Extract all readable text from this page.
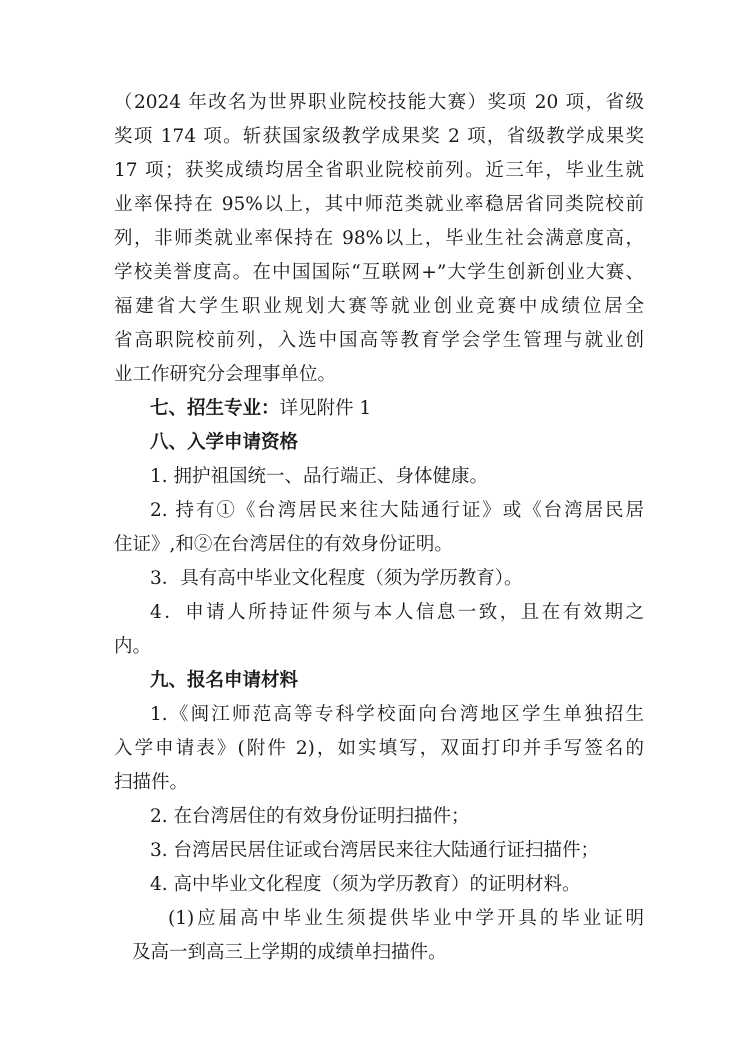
（2024 年改名为世界职业院校技能大赛）奖项 20 项，省级
奖项 174 项。斩获国家级教学成果奖 2 项，省级教学成果奖
17 项；获奖成绩均居全省职业院校前列。近三年，毕业生就
业率保持在 95%以上，其中师范类就业率稳居省同类院校前
列，非师类就业率保持在 98%以上，毕业生社会满意度高，
学校美誉度高。在中国国际“互联网+”大学生创新创业大赛、
福建省大学生职业规划大赛等就业创业竞赛中成绩位居全
省高职院校前列，入选中国高等教育学会学生管理与就业创
业工作研究分会理事单位。
七、招生专业：详见附件 1
八、入学申请资格
1. 拥护祖国统一、品行端正、身体健康。
2. 持有①《台湾居民来往大陆通行证》或《台湾居民居
住证》,和②在台湾居住的有效身份证明。
3．具有高中毕业文化程度（须为学历教育）。
4．申请人所持证件须与本人信息一致，且在有效期之
内。
九、报名申请材料
1.《闽江师范高等专科学校面向台湾地区学生单独招生
入学申请表》(附件 2)，如实填写，双面打印并手写签名的
扫描件。
2. 在台湾居住的有效身份证明扫描件；
3. 台湾居民居住证或台湾居民来往大陆通行证扫描件；
4. 高中毕业文化程度（须为学历教育）的证明材料。
(1)应届高中毕业生须提供毕业中学开具的毕业证明
及高一到高三上学期的成绩单扫描件。
